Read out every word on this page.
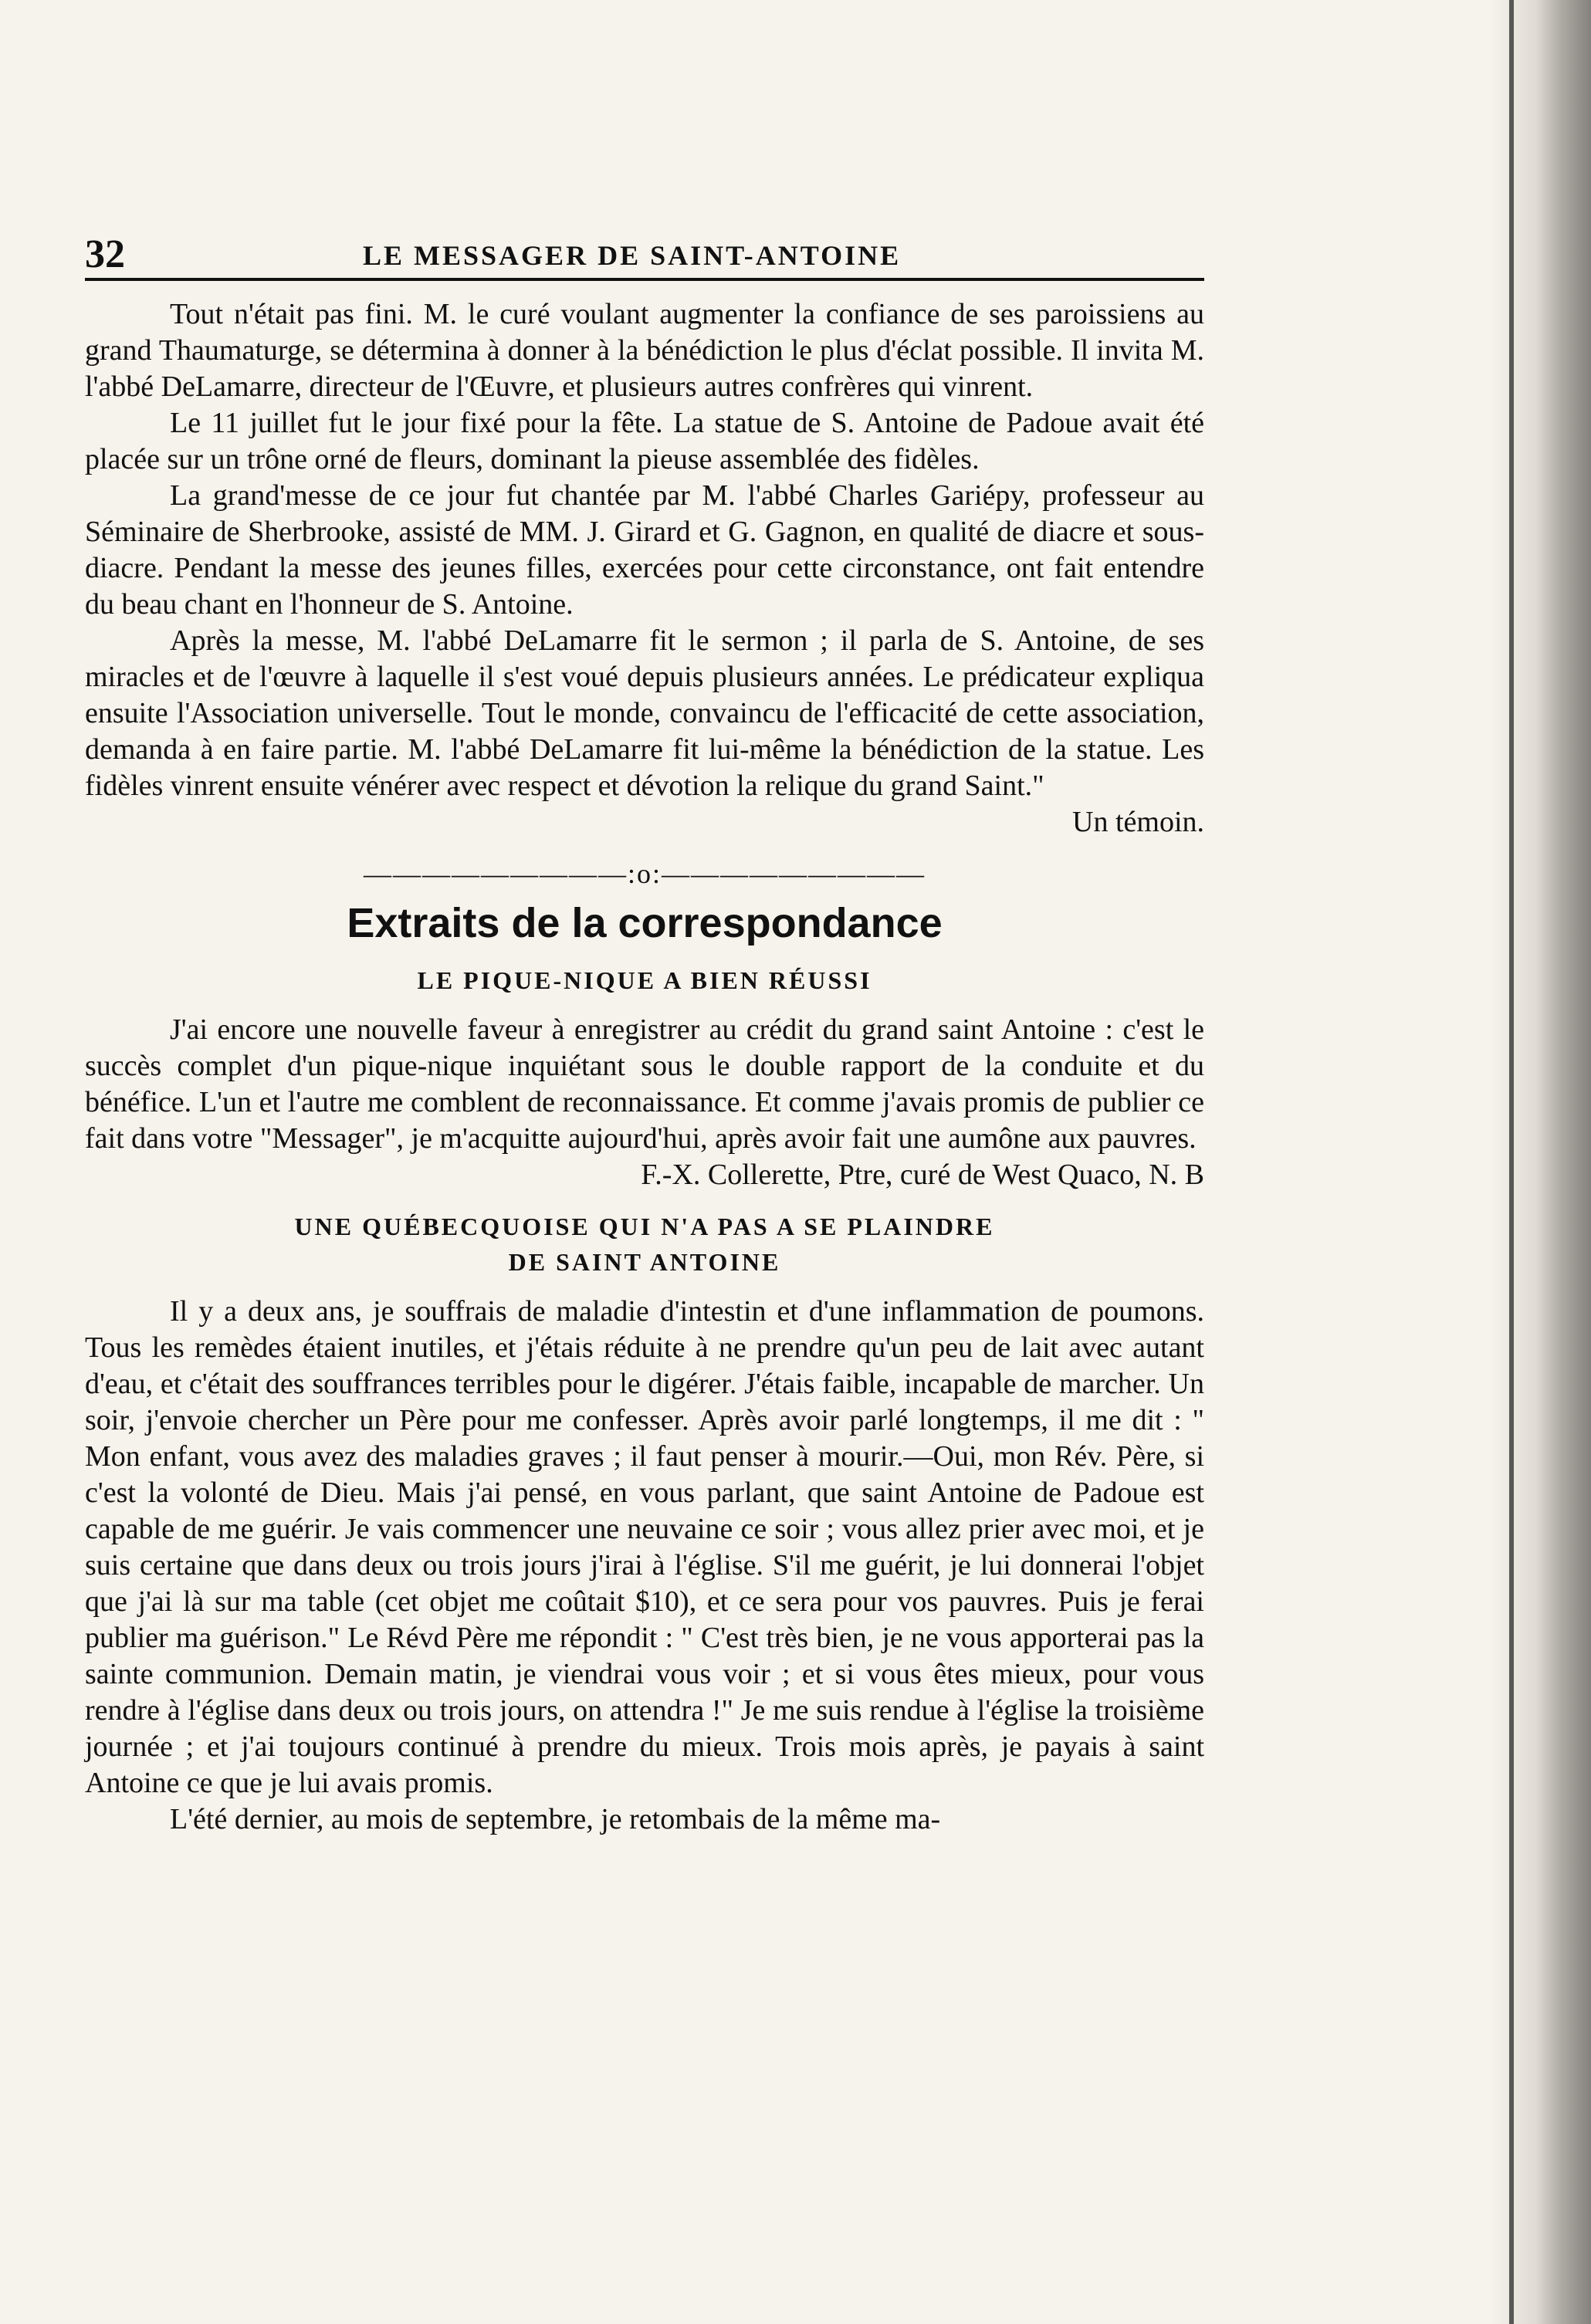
32	LE MESSAGER DE SAINT-ANTOINE

Tout n'était pas fini. M. le curé voulant augmenter la confiance de ses paroissiens au grand Thaumaturge, se détermina à donner à la bénédiction le plus d'éclat possible. Il invita M. l'abbé DeLamarre, directeur de l'Œuvre, et plusieurs autres confrères qui vinrent.

Le 11 juillet fut le jour fixé pour la fête. La statue de S. Antoine de Padoue avait été placée sur un trône orné de fleurs, dominant la pieuse assemblée des fidèles.

La grand'messe de ce jour fut chantée par M. l'abbé Charles Gariépy, professeur au Séminaire de Sherbrooke, assisté de MM. J. Girard et G. Gagnon, en qualité de diacre et sous-diacre. Pendant la messe des jeunes filles, exercées pour cette circonstance, ont fait entendre du beau chant en l'honneur de S. Antoine.

Après la messe, M. l'abbé DeLamarre fit le sermon ; il parla de S. Antoine, de ses miracles et de l'œuvre à laquelle il s'est voué depuis plusieurs années. Le prédicateur expliqua ensuite l'Association universelle. Tout le monde, convaincu de l'efficacité de cette association, demanda à en faire partie. M. l'abbé DeLamarre fit lui-même la bénédiction de la statue. Les fidèles vinrent ensuite vénérer avec respect et dévotion la relique du grand Saint."

Un témoin.

—————————:o:—————————
Extraits de la correspondance
LE PIQUE-NIQUE A BIEN RÉUSSI

J'ai encore une nouvelle faveur à enregistrer au crédit du grand saint Antoine : c'est le succès complet d'un pique-nique inquiétant sous le double rapport de la conduite et du bénéfice. L'un et l'autre me comblent de reconnaissance. Et comme j'avais promis de publier ce fait dans votre "Messager", je m'acquitte aujourd'hui, après avoir fait une aumône aux pauvres.

F.-X. Collerette, Ptre, curé de West Quaco, N. B

UNE QUÉBECQUOISE QUI N'A PAS A SE PLAINDRE
DE SAINT ANTOINE

Il y a deux ans, je souffrais de maladie d'intestin et d'une inflammation de poumons. Tous les remèdes étaient inutiles, et j'étais réduite à ne prendre qu'un peu de lait avec autant d'eau, et c'était des souffrances terribles pour le digérer. J'étais faible, incapable de marcher. Un soir, j'envoie chercher un Père pour me confesser. Après avoir parlé longtemps, il me dit : " Mon enfant, vous avez des maladies graves ; il faut penser à mourir.—Oui, mon Rév. Père, si c'est la volonté de Dieu. Mais j'ai pensé, en vous parlant, que saint Antoine de Padoue est capable de me guérir. Je vais commencer une neuvaine ce soir ; vous allez prier avec moi, et je suis certaine que dans deux ou trois jours j'irai à l'église. S'il me guérit, je lui donnerai l'objet que j'ai là sur ma table (cet objet me coûtait $10), et ce sera pour vos pauvres. Puis je ferai publier ma guérison." Le Révd Père me répondit : " C'est très bien, je ne vous apporterai pas la sainte communion. Demain matin, je viendrai vous voir ; et si vous êtes mieux, pour vous rendre à l'église dans deux ou trois jours, on attendra !" Je me suis rendue à l'église la troisième journée ; et j'ai toujours continué à prendre du mieux. Trois mois après, je payais à saint Antoine ce que je lui avais promis.

L'été dernier, au mois de septembre, je retombais de la même ma-
